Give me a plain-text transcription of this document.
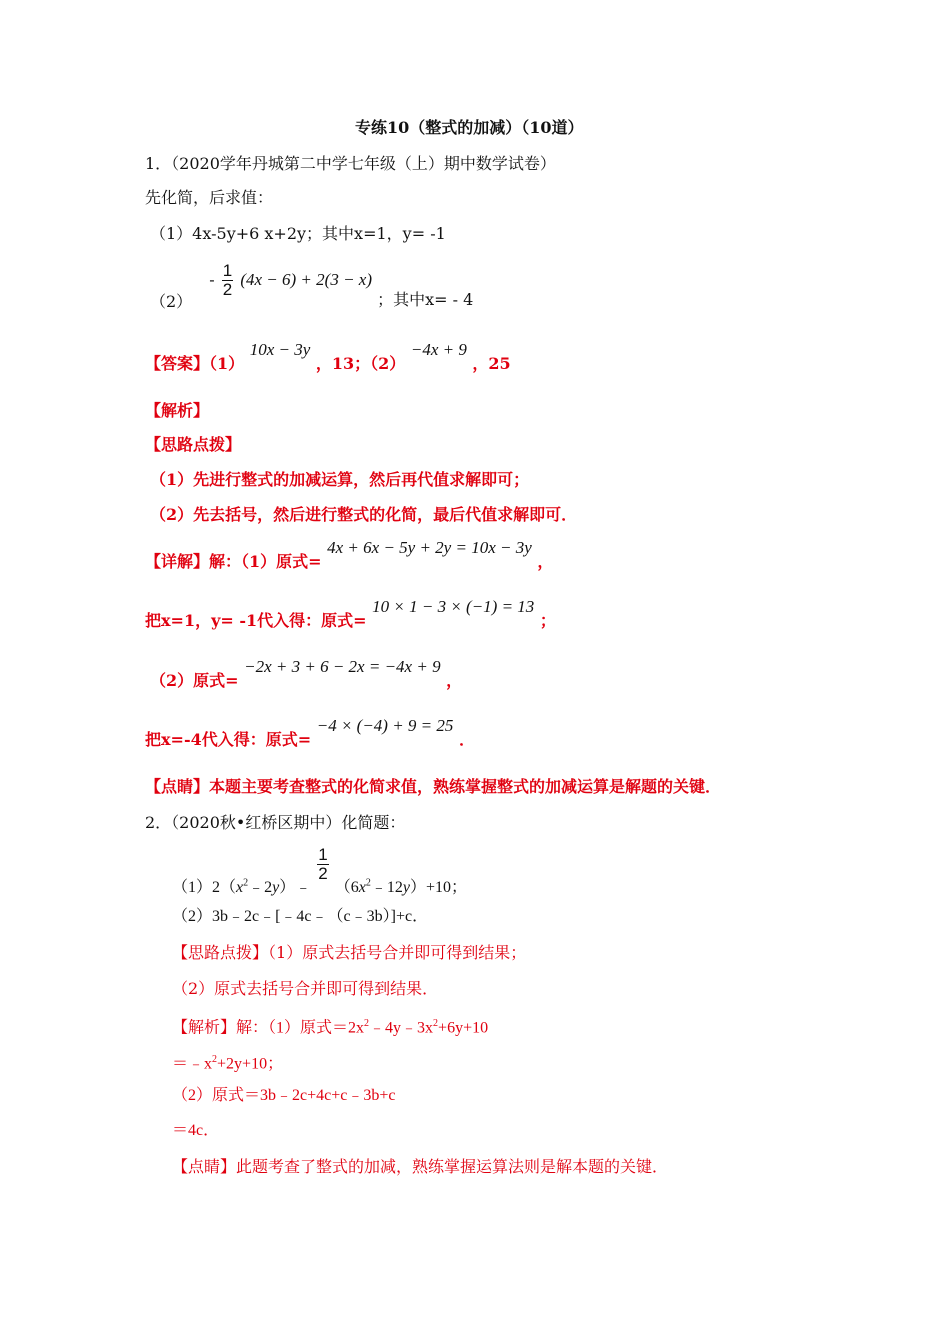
专练10（整式的加减）（10道）
1．（2020学年丹城第二中学七年级（上）期中数学试卷）
先化简，后求值：
（1）4x-5y+6 x+2y；其中x=1，y= -1
$(2) - \frac{1}{2} (4x - 6) + 2(3 - x)$ ；其中x= - 4
【答案】（1） 10x − 3y ，13；（2） −4x + 9 ，25
【解析】
【思路点拨】
（1）先进行整式的加减运算，然后再代值求解即可；
（2）先去括号，然后进行整式的化简，最后代值求解即可．
【详解】解：（1）原式= 4x + 6x − 5y + 2y = 10x − 3y ，
把x=1，y= -1代入得：原式= 10 × 1 − 3 × (−1) = 13 ；
（2）原式= −2x + 3 + 6 − 2x = −4x + 9 ，
把x=-4代入得：原式= −4 × (−4) + 9 = 25 ．
【点睛】本题主要考查整式的化简求值，熟练掌握整式的加减运算是解题的关键．
2．（2020秋•红桥区期中）化简题：
$(1)2(x^2﹣2y)﹣$
$\frac{1}{2}$
$(6x^2﹣12y)+10$；
（2）3b﹣2c﹣[﹣4c﹣（c﹣3b）]+c．
【思路点拨】（1）原式去括号合并即可得到结果；
（2）原式去括号合并即可得到结果．
【解析】解：（1）原式$=2x^2﹣4y﹣3x^2+6y+10$
$=﹣x^2+2y+10$；
（2）原式＝3b﹣2c+4c+c﹣3b+c
＝4c．
【点睛】此题考查了整式的加减，熟练掌握运算法则是解本题的关键．
